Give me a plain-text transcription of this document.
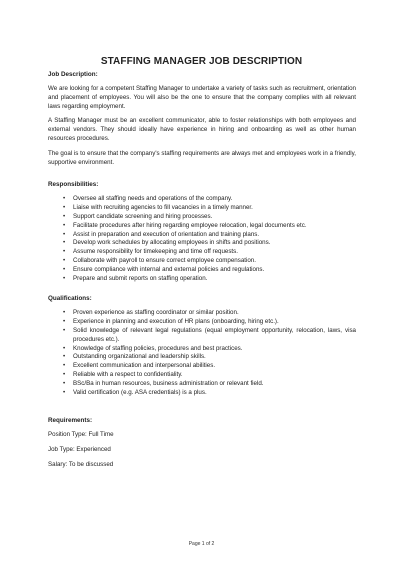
STAFFING MANAGER JOB DESCRIPTION
Job Description:

We are looking for a competent Staffing Manager to undertake a variety of tasks such as recruitment, orientation and placement of employees. You will also be the one to ensure that the company complies with all relevant laws regarding employment.

A Staffing Manager must be an excellent communicator, able to foster relationships with both employees and external vendors. They should ideally have experience in hiring and onboarding as well as other human resources procedures.

The goal is to ensure that the company's staffing requirements are always met and employees work in a friendly, supportive environment.

Responsibilities:
• Oversee all staffing needs and operations of the company.
• Liaise with recruiting agencies to fill vacancies in a timely manner.
• Support candidate screening and hiring processes.
• Facilitate procedures after hiring regarding employee relocation, legal documents etc.
• Assist in preparation and execution of orientation and training plans.
• Develop work schedules by allocating employees in shifts and positions.
• Assume responsibility for timekeeping and time off requests.
• Collaborate with payroll to ensure correct employee compensation.
• Ensure compliance with internal and external policies and regulations.
• Prepare and submit reports on staffing operation.
Qualifications:
• Proven experience as staffing coordinator or similar position.
• Experience in planning and execution of HR plans (onboarding, hiring etc.).
• Solid knowledge of relevant legal regulations (equal employment opportunity, relocation, laws, visa procedures etc.).
• Knowledge of staffing policies, procedures and best practices.
• Outstanding organizational and leadership skills.
• Excellent communication and interpersonal abilities.
• Reliable with a respect to confidentiality.
• BSc/Ba in human resources, business administration or relevant field.
• Valid certification (e.g. ASA credentials) is a plus.
Requirements:
Position Type: Full Time
Job Type: Experienced
Salary: To be discussed
Page 1 of 2
